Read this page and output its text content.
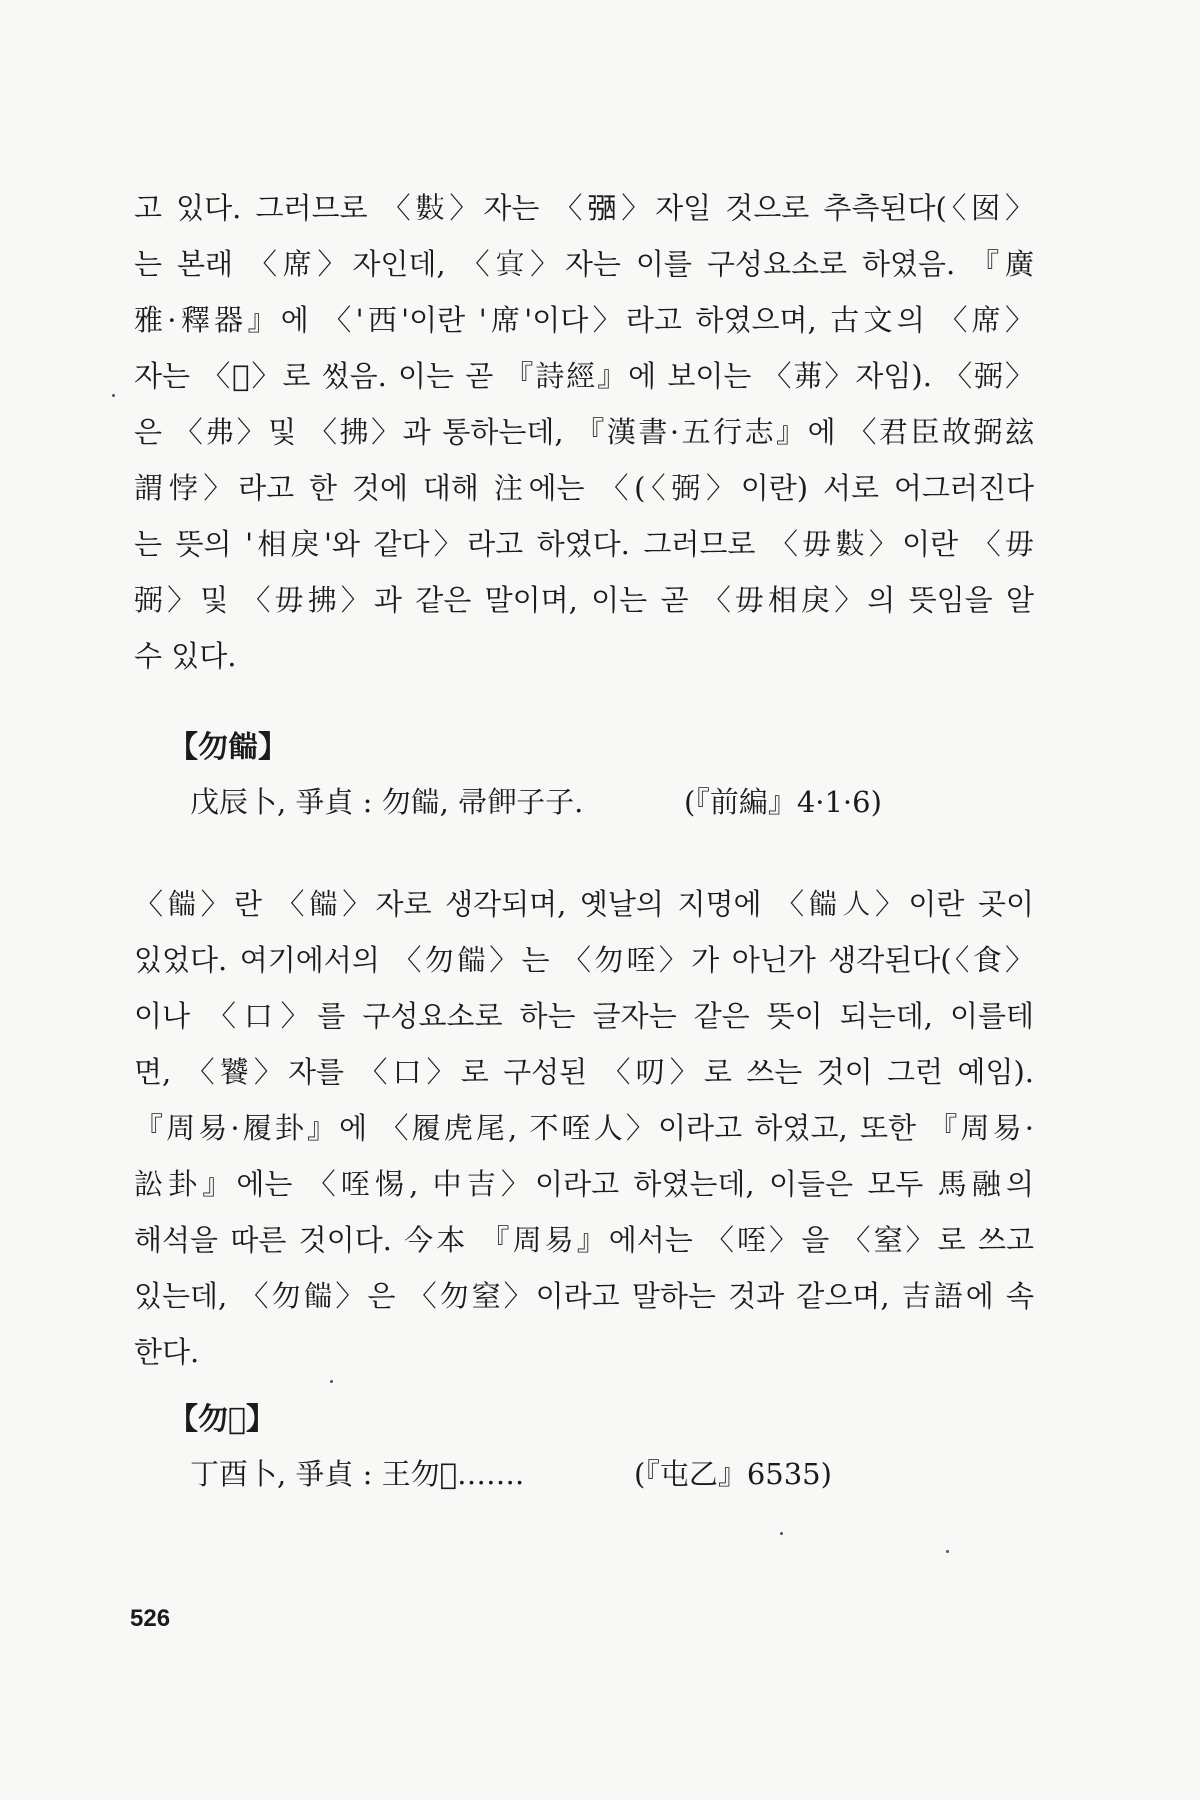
고 있다. 그러므로 〈𢿘〉자는 〈𢐀〉자일 것으로 추측된다(〈囡〉
는 본래 〈席〉자인데, 〈𡨋〉자는 이를 구성요소로 하였음. 『廣
雅·釋器』에 〈'西'이란 '席'이다〉라고 하였으며, 古文의 〈席〉
자는 〈𡦹〉로 썼음. 이는 곧 『詩經』에 보이는 〈茀〉자임). 〈弼〉
은 〈弗〉및 〈拂〉과 통하는데, 『漢書·五行志』에 〈君臣故弼玆
謂悖〉라고 한 것에 대해 注에는 〈(〈弼〉이란) 서로 어그러진다
는 뜻의 '相戾'와 같다〉라고 하였다. 그러므로 〈毋𢿘〉이란 〈毋
弼〉및 〈毋拂〉과 같은 말이며, 이는 곧 〈毋相戾〉의 뜻임을 알
수 있다.
【勿𩜵】
戊辰卜, 爭貞 : 勿𩜵, 帚𩚲子子.	(『前編』4·1·6)
〈𩜵〉란 〈𩜵〉자로 생각되며, 옛날의 지명에 〈𩜵人〉이란 곳이
있었다. 여기에서의 〈勿𩜵〉는 〈勿咥〉가 아닌가 생각된다(〈食〉
이나 〈口〉를 구성요소로 하는 글자는 같은 뜻이 되는데, 이를테
면, 〈饕〉자를 〈口〉로 구성된 〈叨〉로 쓰는 것이 그런 예임).
『周易·履卦』에 〈履虎尾, 不咥人〉이라고 하였고, 또한 『周易·
訟卦』에는 〈咥惕, 中吉〉이라고 하였는데, 이들은 모두 馬融의
해석을 따른 것이다. 今本 『周易』에서는 〈咥〉을 〈窒〉로 쓰고
있는데, 〈勿𩜵〉은 〈勿窒〉이라고 말하는 것과 같으며, 吉語에 속
한다.
【勿𠣏】
丁酉卜, 爭貞 : 王勿𠣏…….	(『屯乙』6535)
526
